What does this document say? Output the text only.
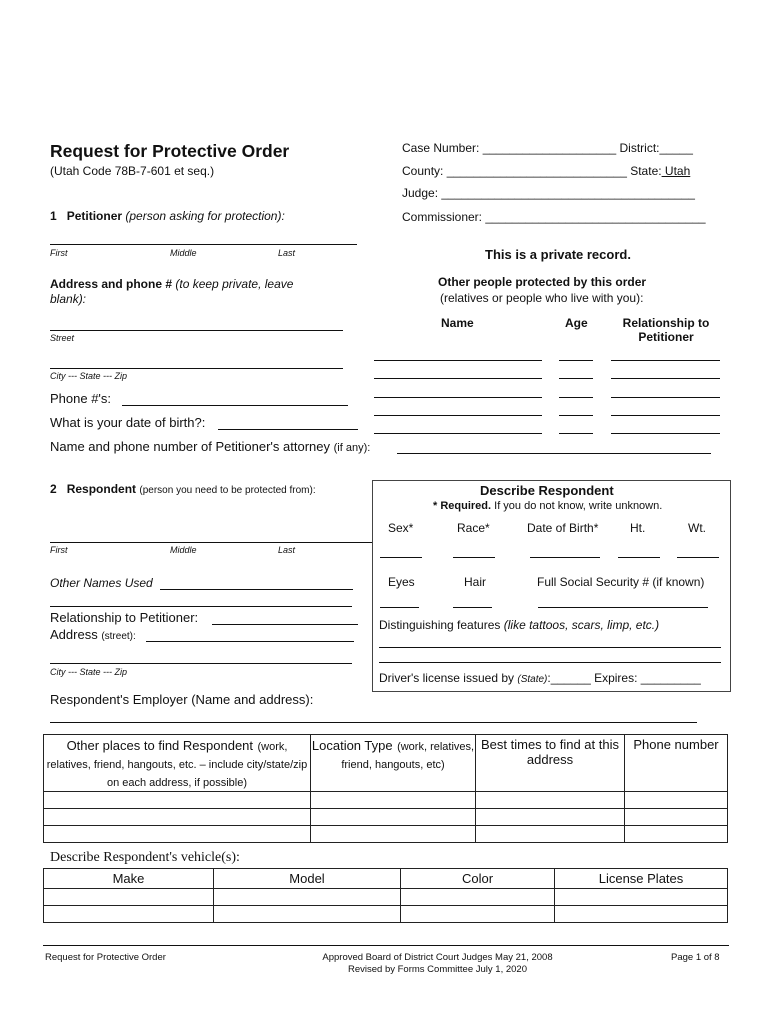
Request for Protective Order
(Utah Code 78B-7-601 et seq.)
Case Number: ____________________ District:_____
County: ___________________________ State: Utah
Judge: ______________________________________
Commissioner: _________________________________
1 Petitioner (person asking for protection):
First	Middle	Last
Address and phone # (to keep private, leave
blank):
Street
City --- State --- Zip
Phone #'s:
What is your date of birth?:
Name and phone number of Petitioner's attorney (if any):
This is a private record.
Other people protected by this order
(relatives or people who live with you):
Name	Age	Relationship to
Petitioner
2 Respondent (person you need to be protected from):
First	Middle	Last
Other Names Used
Relationship to Petitioner:
Address (street):
City --- State --- Zip
Respondent's Employer (Name and address):
Describe Respondent
* Required. If you do not know, write unknown.
Sex*	Race*	Date of Birth*	Ht.	Wt.
Eyes	Hair	Full Social Security # (if known)
Distinguishing features (like tattoos, scars, limp, etc.)
Driver's license issued by (State):______ Expires: _________
Other places to find Respondent (work, relatives, friend, hangouts, etc. – include city/state/zip on each address, if possible)	Location Type (work, relatives, friend, hangouts, etc)	Best times to find at this address	Phone number

Describe Respondent's vehicle(s):
Make	Model	Color	License Plates

Request for Protective Order	Approved Board of District Court Judges May 21, 2008
Revised by Forms Committee July 1, 2020
Page 1 of 8
